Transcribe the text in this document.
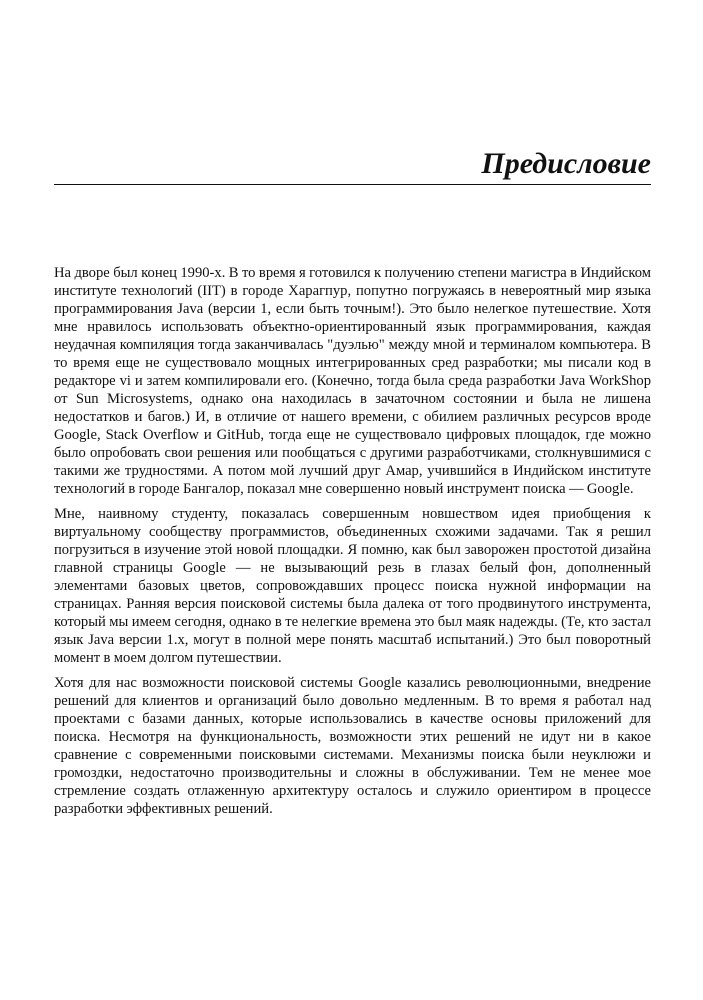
Предисловие

На дворе был конец 1990-х. В то время я готовился к получению степени магистра в Индийском институте технологий (IIT) в городе Харагпур, попутно погружаясь в невероятный мир языка программирования Java (версии 1, если быть точным!). Это было нелегкое путешествие. Хотя мне нравилось использовать объектно-ориентированный язык программирования, каждая неудачная компиляция тогда заканчивалась "дуэлью" между мной и терминалом компьютера. В то время еще не существовало мощных интегрированных сред разработки; мы писали код в редакторе vi и затем компилировали его. (Конечно, тогда была среда разработки Java WorkShop от Sun Microsystems, однако она находилась в зачаточном состоянии и была не лишена недостатков и багов.) И, в отличие от нашего времени, с обилием различных ресурсов вроде Google, Stack Overflow и GitHub, тогда еще не существовало цифровых площадок, где можно было опробовать свои решения или пообщаться с другими разработчиками, столкнувшимися с такими же трудностями. А потом мой лучший друг Амар, учившийся в Индийском институте технологий в городе Бангалор, показал мне совершенно новый инструмент поиска — Google.

Мне, наивному студенту, показалась совершенным новшеством идея приобщения к виртуальному сообществу программистов, объединенных схожими задачами. Так я решил погрузиться в изучение этой новой площадки. Я помню, как был заворожен простотой дизайна главной страницы Google — не вызывающий резь в глазах белый фон, дополненный элементами базовых цветов, сопровождавших процесс поиска нужной информации на страницах. Ранняя версия поисковой системы была далека от того продвинутого инструмента, который мы имеем сегодня, однако в те нелегкие времена это был маяк надежды. (Те, кто застал язык Java версии 1.x, могут в полной мере понять масштаб испытаний.) Это был поворотный момент в моем долгом путешествии.

Хотя для нас возможности поисковой системы Google казались революционными, внедрение решений для клиентов и организаций было довольно медленным. В то время я работал над проектами с базами данных, которые использовались в качестве основы приложений для поиска. Несмотря на функциональность, возможности этих решений не идут ни в какое сравнение с современными поисковыми системами. Механизмы поиска были неуклюжи и громоздки, недостаточно производительны и сложны в обслуживании. Тем не менее мое стремление создать отлаженную архитектуру осталось и служило ориентиром в процессе разработки эффективных решений.
